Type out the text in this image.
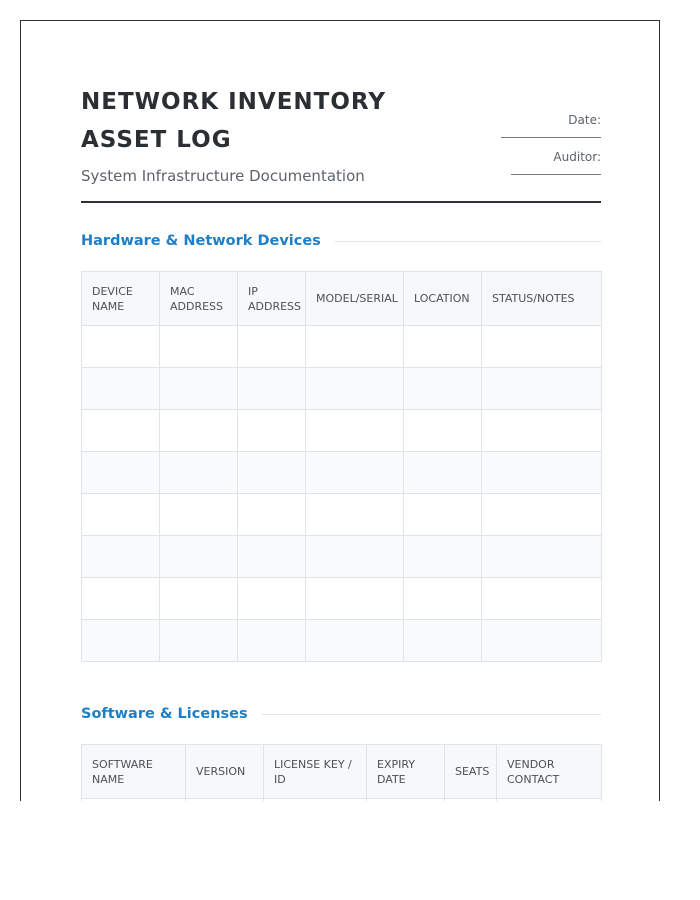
NETWORK INVENTORY ASSET LOG
System Infrastructure Documentation
Date:
Auditor:
Hardware & Network Devices
DEVICE NAME	MAC ADDRESS	IP ADDRESS	MODEL/SERIAL	LOCATION	STATUS/NOTES

Software & Licenses
SOFTWARE NAME	VERSION	LICENSE KEY / ID	EXPIRY DATE	SEATS	VENDOR CONTACT
